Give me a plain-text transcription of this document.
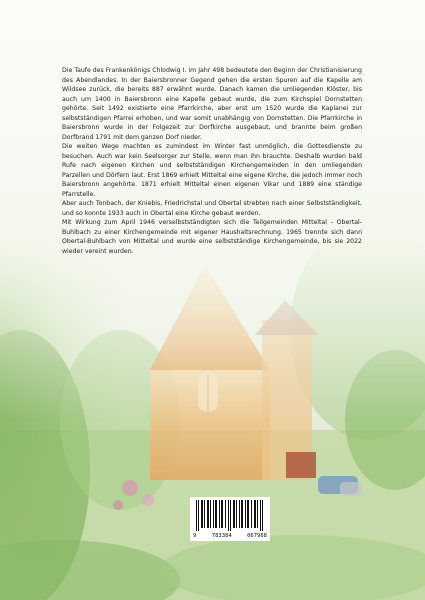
Die Taufe des Frankenkönigs Chlodwig I. im Jahr 498 bedeutete den Beginn der Christianisierung des Abendlandes. In der Baiersbronner Gegend gehen die ersten Spuren auf die Kapelle am Wildsee zurück, die bereits 887 erwähnt wurde. Danach kamen die umliegenden Klöster, bis auch um 1400 in Baiersbronn eine Kapelle gebaut wurde, die zum Kirchspiel Dornstetten gehörte. Seit 1492 existierte eine Pfarrkirche, aber erst um 1520 wurde die Kaplanei zur selbstständigen Pfarrei erhoben, und war somit unabhängig von Dornstetten. Die Pfarrkirche in Baiersbronn wurde in der Folgezeit zur Dorfkirche ausgebaut, und brannte beim großen Dorfbrand 1791 mit dem ganzen Dorf nieder.

Die weiten Wege machten es zumindest im Winter fast unmöglich, die Gottesdienste zu besuchen. Auch war kein Seelsorger zur Stelle, wenn man ihn brauchte. Deshalb wurden bald Rufe nach eigenen Kirchen und selbstständigen Kirchengemeinden in den umliegenden Parzellen und Dörfern laut. Erst 1869 erhielt Mitteltal eine eigene Kirche, die jedoch immer noch Baiersbronn angehörte. 1871 erhielt Mitteltal einen eigenen Vikar und 1889 eine ständige Pfarrstelle.

Aber auch Tonbach, der Kniebis, Friedrichstal und Obertal strebten nach einer Selbstständigkeit, und so konnte 1933 auch in Obertal eine Kirche gebaut werden.

Mit Wirkung zum April 1946 verselbstständigten sich die Teilgemeinden Mitteltal - Obertal-Buhlbach zu einer Kirchengemeinde mit eigener Haushaltsrechnung. 1965 trennte sich dann Obertal-Buhlbach von Mitteltal und wurde eine selbstständige Kirchengemeinde, bis sie 2022 wieder vereint wurden.

9	783384	067968
